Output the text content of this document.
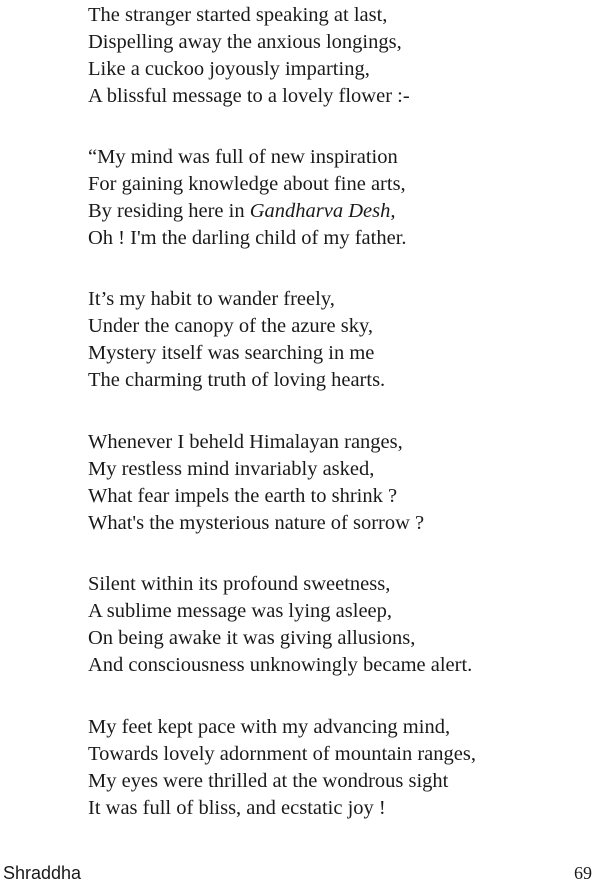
The stranger started speaking at last,
Dispelling away the anxious longings,
Like a cuckoo joyously imparting,
A blissful message to a lovely flower :-
“My mind was full of new inspiration
For gaining knowledge about fine arts,
By residing here in Gandharva Desh,
Oh ! I'm the darling child of my father.
It’s my habit to wander freely,
Under the canopy of the azure sky,
Mystery itself was searching in me
The charming truth of loving hearts.
Whenever I beheld Himalayan ranges,
My restless mind invariably asked,
What fear impels the earth to shrink ?
What's the mysterious nature of sorrow ?
Silent within its profound sweetness,
A sublime message was lying asleep,
On being awake it was giving allusions,
And consciousness unknowingly became alert.
My feet kept pace with my advancing mind,
Towards lovely adornment of mountain ranges,
My eyes were thrilled at the wondrous sight
It was full of bliss, and ecstatic joy !
Shraddha	69
